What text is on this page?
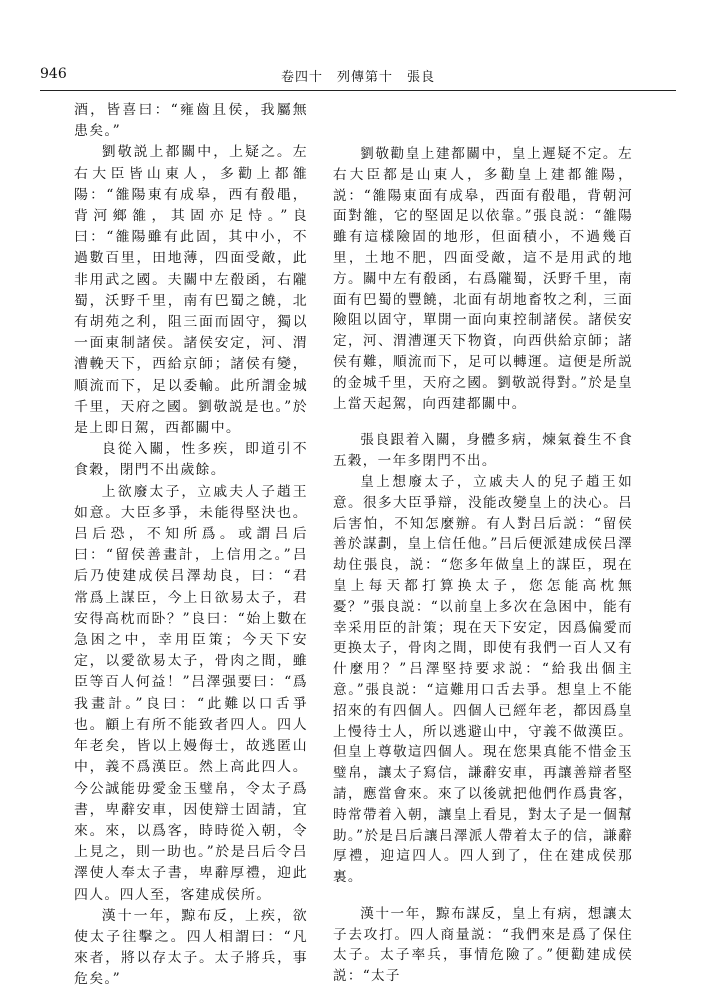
946	卷四十　列傳第十　張良

酒，皆喜曰：“雍齒且侯，我屬無患矣。”

劉敬説上都關中，上疑之。左右大臣皆山東人，多勸上都雒陽：“雒陽東有成皋，西有殽黽，背河鄉雒，其固亦足恃。”良曰：“雒陽雖有此固，其中小，不過數百里，田地薄，四面受敵，此非用武之國。夫關中左殽函，右隴蜀，沃野千里，南有巴蜀之饒，北有胡苑之利，阻三面而固守，獨以一面東制諸侯。諸侯安定，河、渭漕輓天下，西給京師；諸侯有變，順流而下，足以委輸。此所謂金城千里，天府之國。劉敬説是也。”於是上即日駕，西都關中。

良從入關，性多疾，即道引不食穀，閉門不出歲餘。

上欲廢太子，立戚夫人子趙王如意。大臣多爭，未能得堅決也。吕后恐，不知所爲。或謂吕后曰：“留侯善畫計，上信用之。”吕后乃使建成侯吕澤劫良，曰：“君常爲上謀臣，今上日欲易太子，君安得高枕而卧？”良曰：“始上數在急困之中，幸用臣策；今天下安定，以愛欲易太子，骨肉之間，雖臣等百人何益！”吕澤强要曰：“爲我畫計。”良曰：“此難以口舌爭也。顧上有所不能致者四人。四人年老矣，皆以上嫚侮士，故逃匿山中，義不爲漢臣。然上高此四人。今公誠能毋愛金玉璧帛，令太子爲書，卑辭安車，因使辯士固請，宜來。來，以爲客，時時從入朝，令上見之，則一助也。”於是吕后令吕澤使人奉太子書，卑辭厚禮，迎此四人。四人至，客建成侯所。

漢十一年，黥布反，上疾，欲使太子往擊之。四人相謂曰：“凡來者，將以存太子。太子將兵，事危矣。”

劉敬勸皇上建都關中，皇上遲疑不定。左右大臣都是山東人，多勸皇上建都雒陽，説：“雒陽東面有成皋，西面有殽黽，背朝河面對雒，它的堅固足以依靠。”張良説：“雒陽雖有這樣險固的地形，但面積小，不過幾百里，土地不肥，四面受敵，這不是用武的地方。關中左有殽函，右爲隴蜀，沃野千里，南面有巴蜀的豐饒，北面有胡地畜牧之利，三面險阻以固守，單開一面向東控制諸侯。諸侯安定，河、渭漕運天下物資，向西供給京師；諸侯有難，順流而下，足可以轉運。這便是所説的金城千里，天府之國。劉敬説得對。”於是皇上當天起駕，向西建都關中。

張良跟着入關，身體多病，煉氣養生不食五穀，一年多閉門不出。

皇上想廢太子，立戚夫人的兒子趙王如意。很多大臣爭辯，没能改變皇上的決心。吕后害怕，不知怎麼辦。有人對吕后説：“留侯善於謀劃，皇上信任他。”吕后便派建成侯吕澤劫住張良，説：“您多年做皇上的謀臣，現在皇上每天都打算换太子，您怎能高枕無憂？”張良説：“以前皇上多次在急困中，能有幸采用臣的計策；現在天下安定，因爲偏愛而更换太子，骨肉之間，即使有我們一百人又有什麼用？”吕澤堅持要求説：“給我出個主意。”張良説：“這難用口舌去爭。想皇上不能招來的有四個人。四個人已經年老，都因爲皇上慢待士人，所以逃避山中，守義不做漢臣。但皇上尊敬這四個人。現在您果真能不惜金玉璧帛，讓太子寫信，謙辭安車，再讓善辯者堅請，應當會來。來了以後就把他們作爲貴客，時常帶着入朝，讓皇上看見，對太子是一個幫助。”於是吕后讓吕澤派人帶着太子的信，謙辭厚禮，迎這四人。四人到了，住在建成侯那裏。

漢十一年，黥布謀反，皇上有病，想讓太子去攻打。四人商量説：“我們來是爲了保住太子。太子率兵，事情危險了。”便勸建成侯説：“太子
